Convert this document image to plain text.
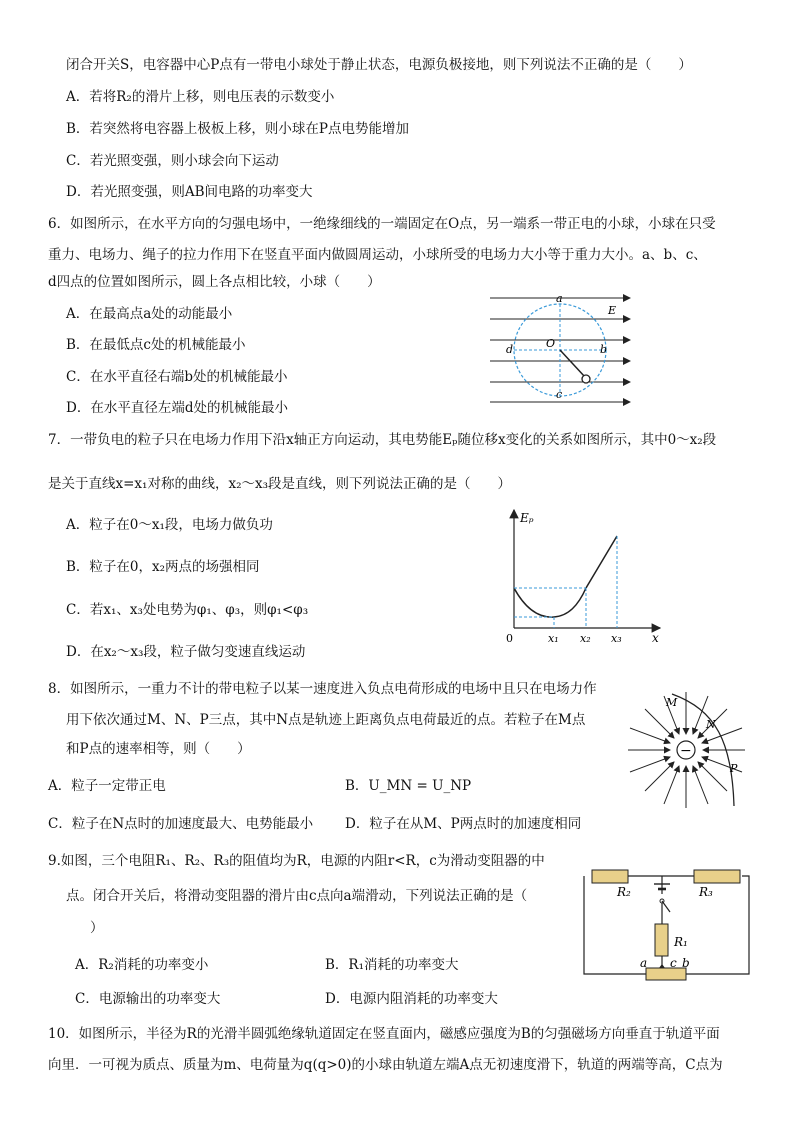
闭合开关S，电容器中心P点有一带电小球处于静止状态，电源负极接地，则下列说法不正确的是（　　）
A．若将R₂的滑片上移，则电压表的示数变小
B．若突然将电容器上极板上移，则小球在P点电势能增加
C．若光照变强，则小球会向下运动
D．若光照变强，则AB间电路的功率变大
6．如图所示，在水平方向的匀强电场中，一绝缘细线的一端固定在O点，另一端系一带正电的小球，小球在只受
重力、电场力、绳子的拉力作用下在竖直平面内做圆周运动，小球所受的电场力大小等于重力大小。a、b、c、
d四点的位置如图所示，圆上各点相比较，小球（　　）
A．在最高点a处的动能最小
B．在最低点c处的机械能最小
C．在水平直径右端b处的机械能最小
D．在水平直径左端d处的机械能最小
a
E
O
d	b
c
7．一带负电的粒子只在电场力作用下沿x轴正方向运动，其电势能Eₚ随位移x变化的关系如图所示，其中0～x₂段
是关于直线x=x₁对称的曲线，x₂～x₃段是直线，则下列说法正确的是（　　）
A．粒子在0～x₁段，电场力做负功
B．粒子在0，x₂两点的场强相同
C．若x₁、x₃处电势为φ₁、φ₃，则φ₁<φ₃
D．在x₂～x₃段，粒子做匀变速直线运动
Eₚ
0	x₁ x₂ x₃	x
8．如图所示，一重力不计的带电粒子以某一速度进入负点电荷形成的电场中且只在电场力作
用下依次通过M、N、P三点，其中N点是轨迹上距离负点电荷最近的点。若粒子在M点
和P点的速率相等，则（　　）
A．粒子一定带正电	B．U_MN = U_NP
C．粒子在N点时的加速度最大、电势能最小 D．粒子在从M、P两点时的加速度相同
−
M
N
P
9.如图，三个电阻R₁、R₂、R₃的阻值均为R，电源的内阻r<R，c为滑动变阻器的中
点。闭合开关后，将滑动变阻器的滑片由c点向a端滑动，下列说法正确的是（
）
A．R₂消耗的功率变小	B．R₁消耗的功率变大
C．电源输出的功率变大	D．电源内阻消耗的功率变大
R₂	R₃
R₁
a c b
10．如图所示，半径为R的光滑半圆弧绝缘轨道固定在竖直面内，磁感应强度为B的匀强磁场方向垂直于轨道平面
向里．一可视为质点、质量为m、电荷量为q(q>0)的小球由轨道左端A点无初速度滑下，轨道的两端等高，C点为
